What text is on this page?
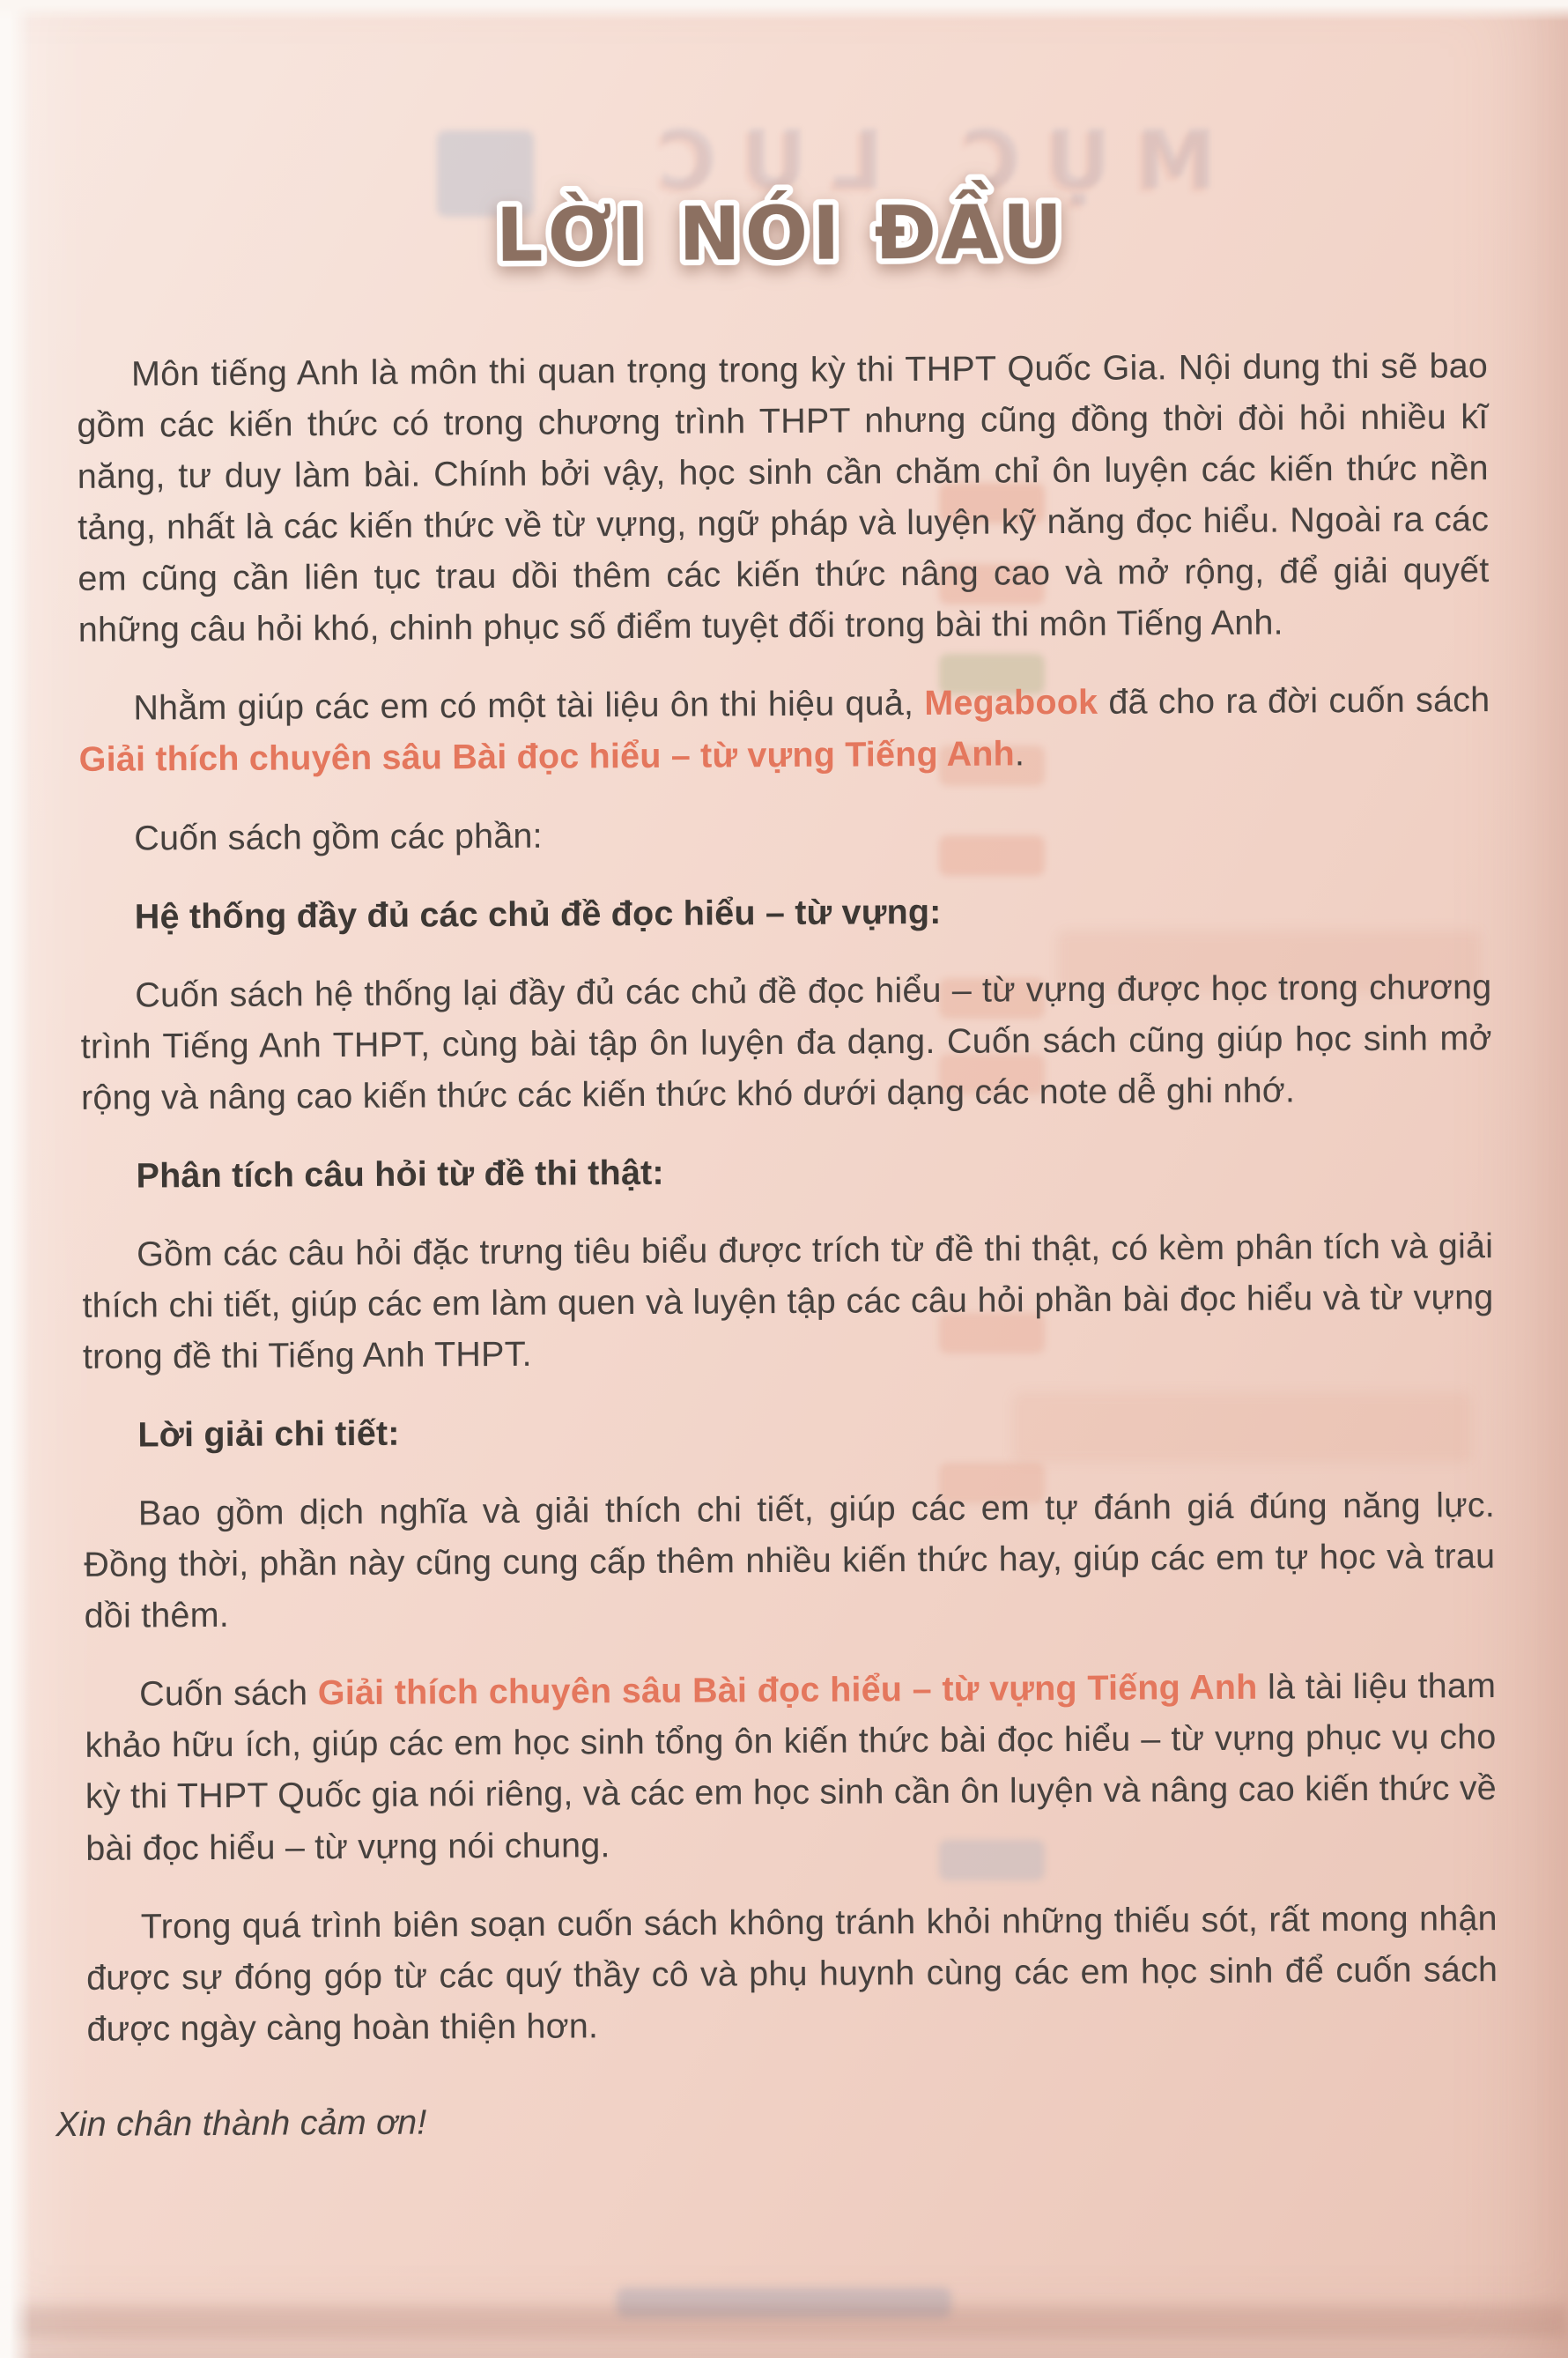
MỤC LỤC
LỜI NÓI ĐẦU

Môn tiếng Anh là môn thi quan trọng trong kỳ thi THPT Quốc Gia. Nội dung thi sẽ bao gồm các kiến thức có trong chương trình THPT nhưng cũng đồng thời đòi hỏi nhiều kĩ năng, tư duy làm bài. Chính bởi vậy, học sinh cần chăm chỉ ôn luyện các kiến thức nền tảng, nhất là các kiến thức về từ vựng, ngữ pháp và luyện kỹ năng đọc hiểu. Ngoài ra các em cũng cần liên tục trau dồi thêm các kiến thức nâng cao và mở rộng, để giải quyết những câu hỏi khó, chinh phục số điểm tuyệt đối trong bài thi môn Tiếng Anh.

Nhằm giúp các em có một tài liệu ôn thi hiệu quả, Megabook đã cho ra đời cuốn sách Giải thích chuyên sâu Bài đọc hiểu – từ vựng Tiếng Anh.

Cuốn sách gồm các phần:

Hệ thống đầy đủ các chủ đề đọc hiểu – từ vựng:

Cuốn sách hệ thống lại đầy đủ các chủ đề đọc hiểu – từ vựng được học trong chương trình Tiếng Anh THPT, cùng bài tập ôn luyện đa dạng. Cuốn sách cũng giúp học sinh mở rộng và nâng cao kiến thức các kiến thức khó dưới dạng các note dễ ghi nhớ.

Phân tích câu hỏi từ đề thi thật:

Gồm các câu hỏi đặc trưng tiêu biểu được trích từ đề thi thật, có kèm phân tích và giải thích chi tiết, giúp các em làm quen và luyện tập các câu hỏi phần bài đọc hiểu và từ vựng trong đề thi Tiếng Anh THPT.

Lời giải chi tiết:

Bao gồm dịch nghĩa và giải thích chi tiết, giúp các em tự đánh giá đúng năng lực. Đồng thời, phần này cũng cung cấp thêm nhiều kiến thức hay, giúp các em tự học và trau dồi thêm.

Cuốn sách Giải thích chuyên sâu Bài đọc hiểu – từ vựng Tiếng Anh là tài liệu tham khảo hữu ích, giúp các em học sinh tổng ôn kiến thức bài đọc hiểu – từ vựng phục vụ cho kỳ thi THPT Quốc gia nói riêng, và các em học sinh cần ôn luyện và nâng cao kiến thức về bài đọc hiểu – từ vựng nói chung.

Trong quá trình biên soạn cuốn sách không tránh khỏi những thiếu sót, rất mong nhận được sự đóng góp từ các quý thầy cô và phụ huynh cùng các em học sinh để cuốn sách được ngày càng hoàn thiện hơn.

Xin chân thành cảm ơn!
